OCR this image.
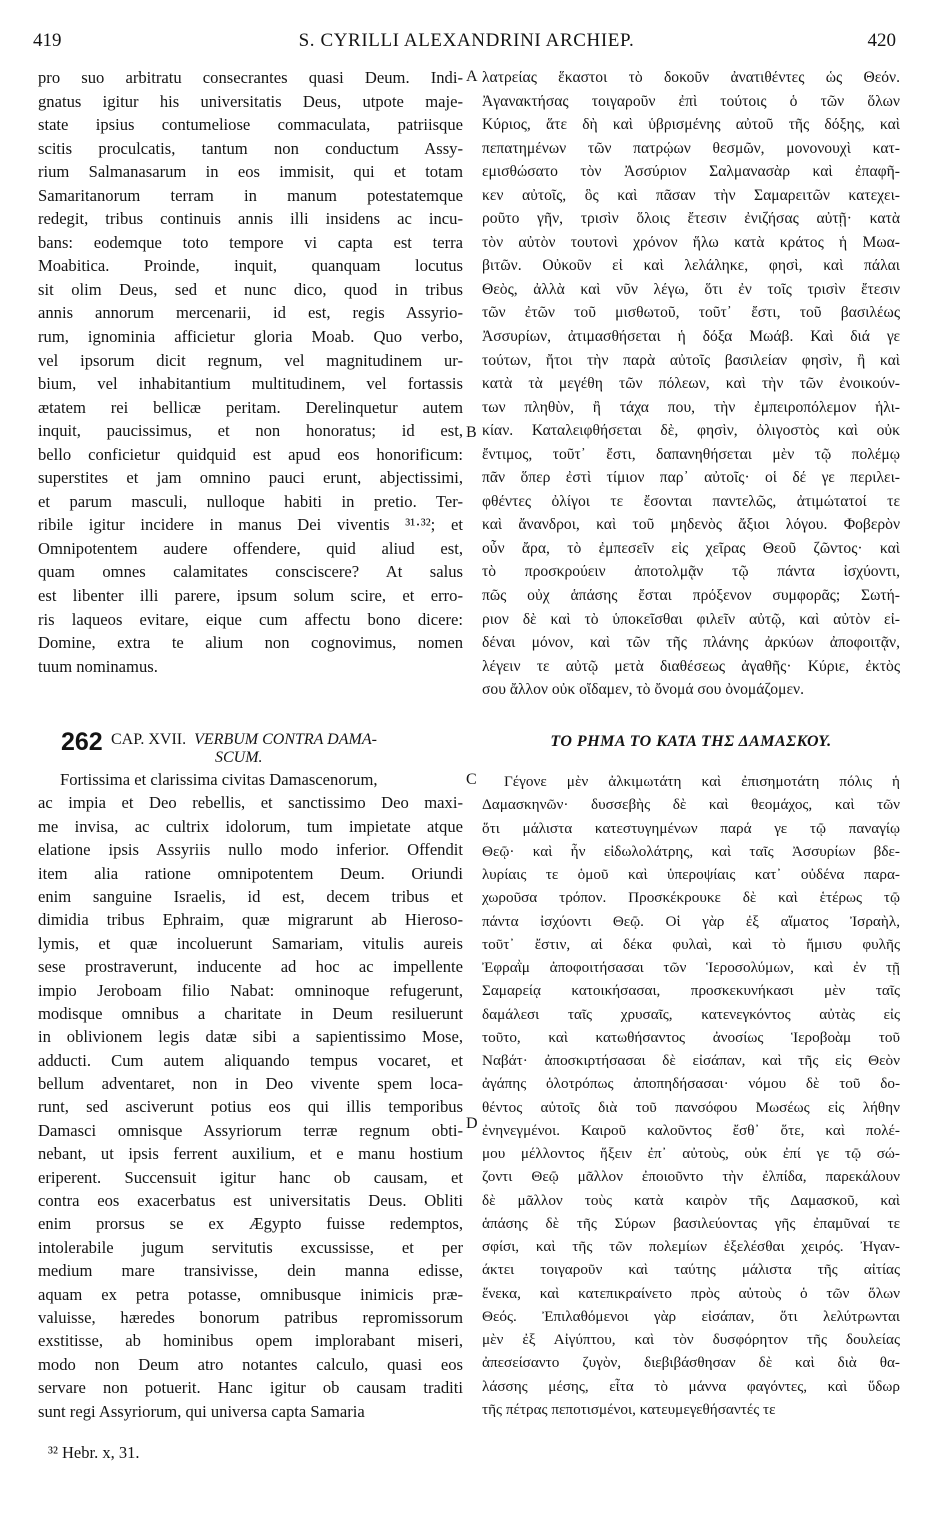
419	S. CYRILLI ALEXANDRINI ARCHIEP.	420
A
B
C
D
pro suo arbitratu consecrantes quasi Deum. Indi-
gnatus igitur his universitatis Deus, utpote maje-
state ipsius contumeliose commaculata, patriisque
scitis proculcatis, tantum non conductum Assy-
rium Salmanasarum in eos immisit, qui et totam
Samaritanorum terram in manum potestatemque
redegit, tribus continuis annis illi insidens ac incu-
bans: eodemque toto tempore vi capta est terra
Moabitica. Proinde, inquit, quanquam locutus
sit olim Deus, sed et nunc dico, quod in tribus
annis annorum mercenarii, id est, regis Assyrio-
rum, ignominia afficietur gloria Moab. Quo verbo,
vel ipsorum dicit regnum, vel magnitudinem ur-
bium, vel inhabitantium multitudinem, vel fortassis
ætatem rei bellicæ peritam. Derelinquetur autem
inquit, paucissimus, et non honoratus; id est,
bello conficietur quidquid est apud eos honorificum:
superstites et jam omnino pauci erunt, abjectissimi,
et parum masculi, nulloque habiti in pretio. Ter-
ribile igitur incidere in manus Dei viventis ³¹·³²; et
Omnipotentem audere offendere, quid aliud est,
quam omnes calamitates consciscere? At salus
est libenter illi parere, ipsum solum scire, et erro-
ris laqueos evitare, eique cum affectu bono dicere:
Domine, extra te alium non cognovimus, nomen
tuum nominamus.
λατρείας ἕκαστοι τὸ δοκοῦν ἀνατιθέντες ὡς Θεόν.
Ἀγανακτήσας τοιγαροῦν ἐπὶ τούτοις ὁ τῶν ὅλων
Κύριος, ἅτε δὴ καὶ ὑβρισμένης αὐτοῦ τῆς δόξης, καὶ
πεπατημένων τῶν πατρῴων θεσμῶν, μονονουχὶ κατ-
εμισθώσατο τὸν Ἀσσύριον Σαλμανασὰρ καὶ ἐπαφῆ-
κεν αὐτοῖς, ὃς καὶ πᾶσαν τὴν Σαμαρειτῶν κατεχει-
ροῦτο γῆν, τρισὶν ὅλοις ἔτεσιν ἐνιζήσας αὐτῇ· κατὰ
τὸν αὐτὸν τουτονὶ χρόνον ἥλω κατὰ κράτος ἡ Μωα-
βιτῶν. Οὐκοῦν εἰ καὶ λελάληκε, φησὶ, καὶ πάλαι
Θεὸς, ἀλλὰ καὶ νῦν λέγω, ὅτι ἐν τοῖς τρισὶν ἔτεσιν
τῶν ἐτῶν τοῦ μισθωτοῦ, τοῦτ᾽ ἔστι, τοῦ βασιλέως
Ἀσσυρίων, ἀτιμασθήσεται ἡ δόξα Μωάβ. Καὶ διά γε
τούτων, ἤτοι τὴν παρὰ αὐτοῖς βασιλείαν φησὶν, ἢ καὶ
κατὰ τὰ μεγέθη τῶν πόλεων, καὶ τὴν τῶν ἐνοικούν-
των πληθὺν, ἢ τάχα που, τὴν ἐμπειροπόλεμον ἡλι-
κίαν. Καταλειφθήσεται δὲ, φησὶν, ὀλιγοστὸς καὶ οὐκ
ἔντιμος, τοῦτ᾽ ἔστι, δαπανηθήσεται μὲν τῷ πολέμῳ
πᾶν ὅπερ ἐστὶ τίμιον παρ᾽ αὐτοῖς· οἱ δέ γε περιλει-
φθέντες ὀλίγοι τε ἔσονται παντελῶς, ἀτιμώτατοί τε
καὶ ἄνανδροι, καὶ τοῦ μηδενὸς ἄξιοι λόγου. Φοβερὸν
οὖν ἄρα, τὸ ἐμπεσεῖν εἰς χεῖρας Θεοῦ ζῶντος· καὶ
τὸ προσκρούειν ἀποτολμᾷν τῷ πάντα ἰσχύοντι,
πῶς οὐχ ἁπάσης ἔσται πρόξενον συμφορᾶς; Σωτή-
ριον δὲ καὶ τὸ ὑποκεῖσθαι φιλεῖν αὐτῷ, καὶ αὐτὸν εἰ-
δέναι μόνον, καὶ τῶν τῆς πλάνης ἀρκύων ἀποφοιτᾷν,
λέγειν τε αὐτῷ μετὰ διαθέσεως ἀγαθῆς· Κύριε, ἐκτὸς
σου ἄλλον οὐκ οἴδαμεν, τὸ ὄνομά σου ὀνομάζομεν.
262 CAP. XVII. VERBUM CONTRA DAMA-
SCUM.
ΤΟ ΡΗΜΑ ΤΟ ΚΑΤΑ ΤΗΣ ΔΑΜΑΣΚΟΥ.
Fortissima et clarissima civitas Damascenorum,
ac impia et Deo rebellis, et sanctissimo Deo maxi-
me invisa, ac cultrix idolorum, tum impietate atque
elatione ipsis Assyriis nullo modo inferior. Offendit
item alia ratione omnipotentem Deum. Oriundi
enim sanguine Israelis, id est, decem tribus et
dimidia tribus Ephraim, quæ migrarunt ab Hieroso-
lymis, et quæ incoluerunt Samariam, vitulis aureis
sese prostraverunt, inducente ad hoc ac impellente
impio Jeroboam filio Nabat: omninoque refugerunt,
modisque omnibus a charitate in Deum resiluerunt
in oblivionem legis datæ sibi a sapientissimo Mose,
adducti. Cum autem aliquando tempus vocaret, et
bellum adventaret, non in Deo vivente spem loca-
runt, sed asciverunt potius eos qui illis temporibus
Damasci omnisque Assyriorum terræ regnum obti-
nebant, ut ipsis ferrent auxilium, et e manu hostium
eriperent. Succensuit igitur hanc ob causam, et
contra eos exacerbatus est universitatis Deus. Obliti
enim prorsus se ex Ægypto fuisse redemptos,
intolerabile jugum servitutis excussisse, et per
medium mare transivisse, dein manna edisse,
aquam ex petra potasse, omnibusque inimicis præ-
valuisse, hæredes bonorum patribus repromissorum
exstitisse, ab hominibus opem implorabant miseri,
modo non Deum atro notantes calculo, quasi eos
servare non potuerit. Hanc igitur ob causam traditi
sunt regi Assyriorum, qui universa capta Samaria
Γέγονε μὲν ἀλκιμωτάτη καὶ ἐπισημοτάτη πόλις ἡ
Δαμασκηνῶν· δυσσεβὴς δὲ καὶ θεομάχος, καὶ τῶν
ὅτι μάλιστα κατεστυγημένων παρά γε τῷ παναγίῳ
Θεῷ· καὶ ἦν εἰδωλολάτρης, καὶ ταῖς Ἀσσυρίων βδε-
λυρίαις τε ὁμοῦ καὶ ὑπεροψίαις κατ᾽ οὐδένα παρα-
χωροῦσα τρόπον. Προσκέκρουκε δὲ καὶ ἑτέρως τῷ
πάντα ἰσχύοντι Θεῷ. Οἱ γὰρ ἐξ αἵματος Ἰσραὴλ,
τοῦτ᾽ ἔστιν, αἱ δέκα φυλαὶ, καὶ τὸ ἥμισυ φυλῆς
Ἐφραῒμ ἀποφοιτήσασαι τῶν Ἱεροσολύμων, καὶ ἐν τῇ
Σαμαρείᾳ κατοικήσασαι, προσκεκυνήκασι μὲν ταῖς
δαμάλεσι ταῖς χρυσαῖς, κατενεγκόντος αὐτὰς εἰς
τοῦτο, καὶ κατωθήσαντος ἀνοσίως Ἱεροβοὰμ τοῦ
Ναβάτ· ἀποσκιρτήσασαι δὲ εἰσάπαν, καὶ τῆς εἰς Θεὸν
ἀγάπης ὁλοτρόπως ἀποπηδήσασαι· νόμου δὲ τοῦ δο-
θέντος αὐτοῖς διὰ τοῦ πανσόφου Μωσέως εἰς λήθην
ἐνηνεγμένοι. Καιροῦ καλοῦντος ἔσθ᾽ ὅτε, καὶ πολέ-
μου μέλλοντος ἥξειν ἐπ᾽ αὐτοὺς, οὐκ ἐπί γε τῷ σώ-
ζοντι Θεῷ μᾶλλον ἐποιοῦντο τὴν ἐλπίδα, παρεκάλουν
δὲ μᾶλλον τοὺς κατὰ καιρὸν τῆς Δαμασκοῦ, καὶ
ἁπάσης δὲ τῆς Σύρων βασιλεύοντας γῆς ἐπαμῦναί τε
σφίσι, καὶ τῆς τῶν πολεμίων ἐξελέσθαι χειρός. Ἠγαν-
άκτει τοιγαροῦν καὶ ταύτης μάλιστα τῆς αἰτίας
ἕνεκα, καὶ κατεπικραίνετο πρὸς αὐτοὺς ὁ τῶν ὅλων
Θεός. Ἐπιλαθόμενοι γὰρ εἰσάπαν, ὅτι λελύτρωνται
μὲν ἐξ Αἰγύπτου, καὶ τὸν δυσφόρητον τῆς δουλείας
ἀπεσείσαντο ζυγὸν, διεβιβάσθησαν δὲ καὶ διὰ θα-
λάσσης μέσης, εἶτα τὸ μάννα φαγόντες, καὶ ὕδωρ
τῆς πέτρας πεποτισμένοι, κατευμεγεθήσαντές τε
³² Hebr. x, 31.
